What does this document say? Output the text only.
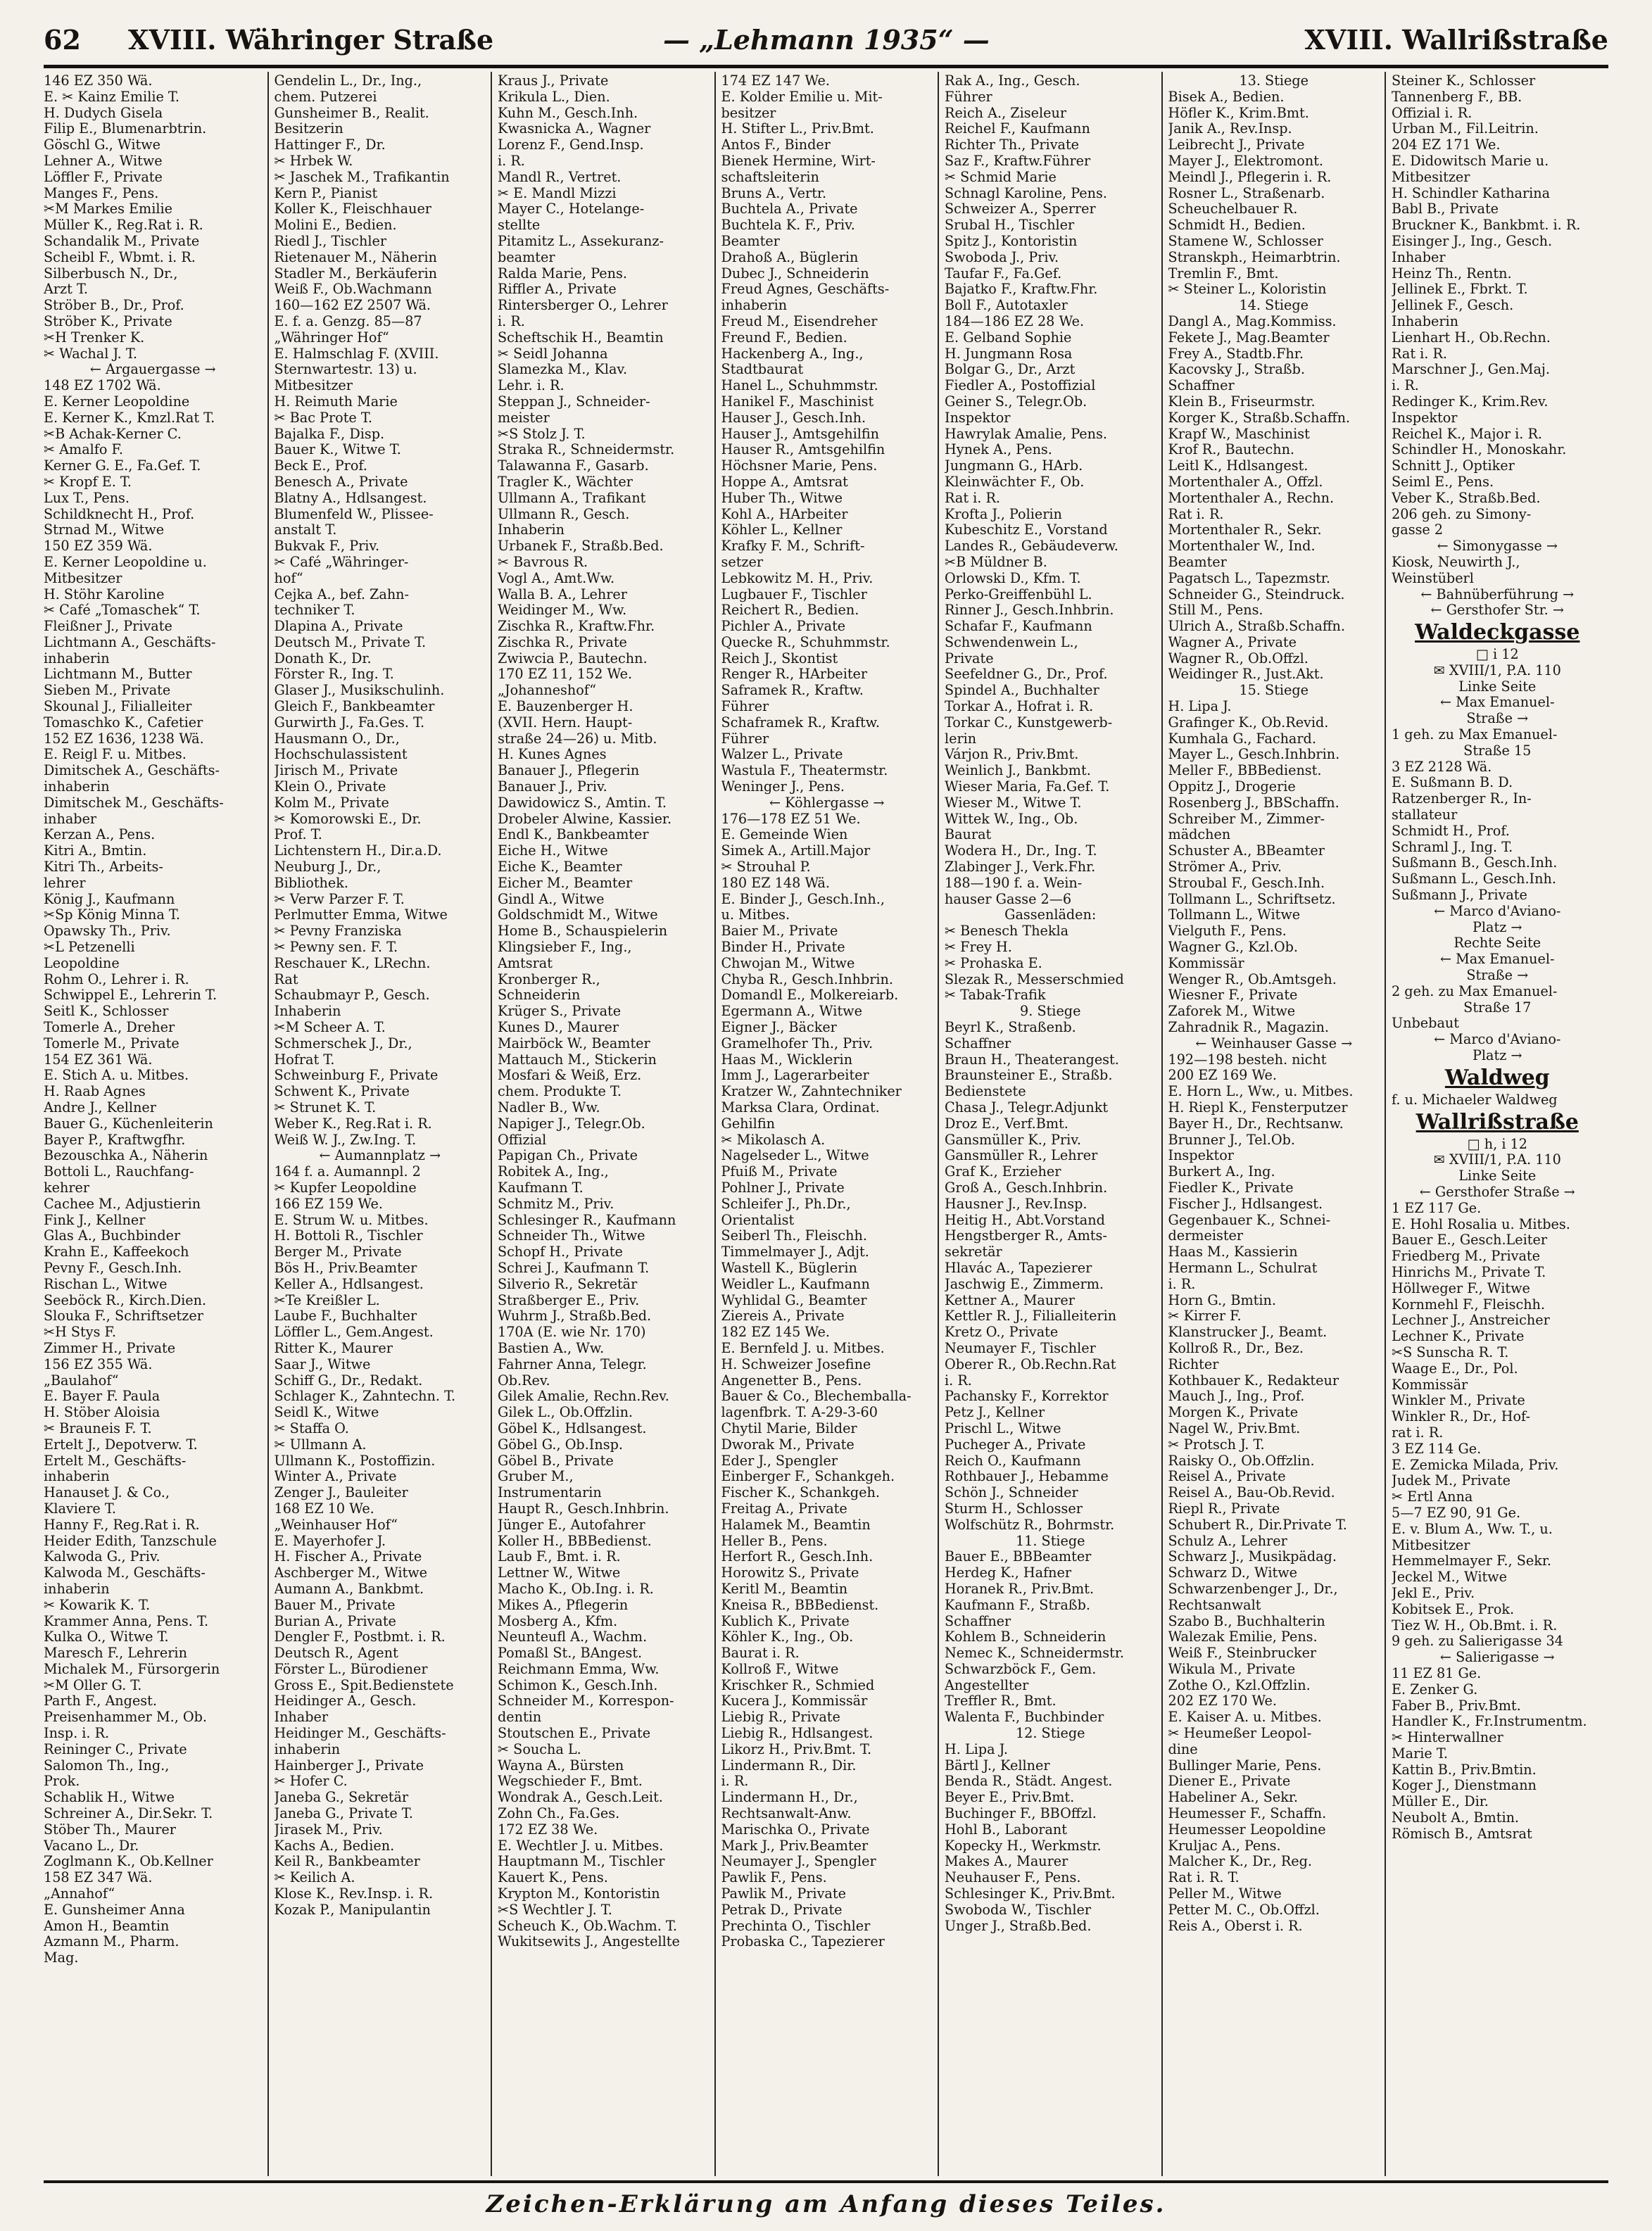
62 XVIII. Währinger Straße	— „Lehmann 1935“ —	XVIII. Wallrißstraße
146 EZ 350 Wä.
E. ✂ Kainz Emilie T.
H. Dudych Gisela
Filip E., Blumenarbtrin.
Göschl G., Witwe
Lehner A., Witwe
Löffler F., Private
Manges F., Pens.
✂M Markes Emilie
Müller K., Reg.Rat i. R.
Schandalik M., Private
Scheibl F., Wbmt. i. R.
Silberbusch N., Dr.,
Arzt T.
Ströber B., Dr., Prof.
Ströber K., Private
✂H Trenker K.
✂ Wachal J. T.
← Argauergasse →
148 EZ 1702 Wä.
E. Kerner Leopoldine
E. Kerner K., Kmzl.Rat T.
✂B Achak-Kerner C.
✂ Amalfo F.
Kerner G. E., Fa.Gef. T.
✂ Kropf E. T.
Lux T., Pens.
Schildknecht H., Prof.
Strnad M., Witwe
150 EZ 359 Wä.
E. Kerner Leopoldine u.
Mitbesitzer
H. Stöhr Karoline
✂ Café „Tomaschek“ T.
Fleißner J., Private
Lichtmann A., Geschäfts-
inhaberin
Lichtmann M., Butter
Sieben M., Private
Skounal J., Filialleiter
Tomaschko K., Cafetier
152 EZ 1636, 1238 Wä.
E. Reigl F. u. Mitbes.
Dimitschek A., Geschäfts-
inhaberin
Dimitschek M., Geschäfts-
inhaber
Kerzan A., Pens.
Kitri A., Bmtin.
Kitri Th., Arbeits-
lehrer
König J., Kaufmann
✂Sp König Minna T.
Opawsky Th., Priv.
✂L Petzenelli
Leopoldine
Rohm O., Lehrer i. R.
Schwippel E., Lehrerin T.
Seitl K., Schlosser
Tomerle A., Dreher
Tomerle M., Private
154 EZ 361 Wä.
E. Stich A. u. Mitbes.
H. Raab Agnes
Andre J., Kellner
Bauer G., Küchenleiterin
Bayer P., Kraftwgfhr.
Bezouschka A., Näherin
Bottoli L., Rauchfang-
kehrer
Cachee M., Adjustierin
Fink J., Kellner
Glas A., Buchbinder
Krahn E., Kaffeekoch
Pevny F., Gesch.Inh.
Rischan L., Witwe
Seeböck R., Kirch.Dien.
Slouka F., Schriftsetzer
✂H Stys F.
Zimmer H., Private
156 EZ 355 Wä.
„Baulahof“
E. Bayer F. Paula
H. Stöber Aloisia
✂ Brauneis F. T.
Ertelt J., Depotverw. T.
Ertelt M., Geschäfts-
inhaberin
Hanauset J. & Co.,
Klaviere T.
Hanny F., Reg.Rat i. R.
Heider Edith, Tanzschule
Kalwoda G., Priv.
Kalwoda M., Geschäfts-
inhaberin
✂ Kowarik K. T.
Krammer Anna, Pens. T.
Kulka O., Witwe T.
Maresch F., Lehrerin
Michalek M., Fürsorgerin
✂M Oller G. T.
Parth F., Angest.
Preisenhammer M., Ob.
Insp. i. R.
Reininger C., Private
Salomon Th., Ing.,
Prok.
Schablik H., Witwe
Schreiner A., Dir.Sekr. T.
Stöber Th., Maurer
Vacano L., Dr.
Zoglmann K., Ob.Kellner
158 EZ 347 Wä.
„Annahof“
E. Gunsheimer Anna
Amon H., Beamtin
Azmann M., Pharm.
Mag.
Gendelin L., Dr., Ing.,
chem. Putzerei
Gunsheimer B., Realit.
Besitzerin
Hattinger F., Dr.
✂ Hrbek W.
✂ Jaschek M., Trafikantin
Kern P., Pianist
Koller K., Fleischhauer
Molini E., Bedien.
Riedl J., Tischler
Rietenauer M., Näherin
Stadler M., Berkäuferin
Weiß F., Ob.Wachmann
160—162 EZ 2507 Wä.
E. f. a. Genzg. 85—87
„Währinger Hof“
E. Halmschlag F. (XVIII.
Sternwartestr. 13) u.
Mitbesitzer
H. Reimuth Marie
✂ Bac Prote T.
Bajalka F., Disp.
Bauer K., Witwe T.
Beck E., Prof.
Benesch A., Private
Blatny A., Hdlsangest.
Blumenfeld W., Plissee-
anstalt T.
Bukvak F., Priv.
✂ Café „Währinger-
hof“
Cejka A., bef. Zahn-
techniker T.
Dlapina A., Private
Deutsch M., Private T.
Donath K., Dr.
Förster R., Ing. T.
Glaser J., Musikschulinh.
Gleich F., Bankbeamter
Gurwirth J., Fa.Ges. T.
Hausmann O., Dr.,
Hochschulassistent
Jirisch M., Private
Klein O., Private
Kolm M., Private
✂ Komorowski E., Dr.
Prof. T.
Lichtenstern H., Dir.a.D.
Neuburg J., Dr.,
Bibliothek.
✂ Verw Parzer F. T.
Perlmutter Emma, Witwe
✂ Pevny Franziska
✂ Pewny sen. F. T.
Reschauer K., LRechn.
Rat
Schaubmayr P., Gesch.
Inhaberin
✂M Scheer A. T.
Schmerschek J., Dr.,
Hofrat T.
Schweinburg F., Private
Schwent K., Private
✂ Strunet K. T.
Weber K., Reg.Rat i. R.
Weiß W. J., Zw.Ing. T.
← Aumannplatz →
164 f. a. Aumannpl. 2
✂ Kupfer Leopoldine
166 EZ 159 We.
E. Strum W. u. Mitbes.
H. Bottoli R., Tischler
Berger M., Private
Bös H., Priv.Beamter
Keller A., Hdlsangest.
✂Te Kreißler L.
Laube F., Buchhalter
Löffler L., Gem.Angest.
Ritter K., Maurer
Saar J., Witwe
Schiff G., Dr., Redakt.
Schlager K., Zahntechn. T.
Seidl K., Witwe
✂ Staffa O.
✂ Ullmann A.
Ullmann K., Postoffizin.
Winter A., Private
Zenger J., Bauleiter
168 EZ 10 We.
„Weinhauser Hof“
E. Mayerhofer J.
H. Fischer A., Private
Aschberger M., Witwe
Aumann A., Bankbmt.
Bauer M., Private
Burian A., Private
Dengler F., Postbmt. i. R.
Deutsch R., Agent
Förster L., Bürodiener
Gross E., Spit.Bedienstete
Heidinger A., Gesch.
Inhaber
Heidinger M., Geschäfts-
inhaberin
Hainberger J., Private
✂ Hofer C.
Janeba G., Sekretär
Janeba G., Private T.
Jirasek M., Priv.
Kachs A., Bedien.
Keil R., Bankbeamter
✂ Keilich A.
Klose K., Rev.Insp. i. R.
Kozak P., Manipulantin
Kraus J., Private
Krikula L., Dien.
Kuhn M., Gesch.Inh.
Kwasnicka A., Wagner
Lorenz F., Gend.Insp.
i. R.
Mandl R., Vertret.
✂ E. Mandl Mizzi
Mayer C., Hotelange-
stellte
Pitamitz L., Assekuranz-
beamter
Ralda Marie, Pens.
Riffler A., Private
Rintersberger O., Lehrer
i. R.
Scheftschik H., Beamtin
✂ Seidl Johanna
Slamezka M., Klav.
Lehr. i. R.
Steppan J., Schneider-
meister
✂S Stolz J. T.
Straka R., Schneidermstr.
Talawanna F., Gasarb.
Tragler K., Wächter
Ullmann A., Trafikant
Ullmann R., Gesch.
Inhaberin
Urbanek F., Straßb.Bed.
✂ Bavrous R.
Vogl A., Amt.Ww.
Walla B. A., Lehrer
Weidinger M., Ww.
Zischka R., Kraftw.Fhr.
Zischka R., Private
Zwiwcia P., Bautechn.
170 EZ 11, 152 We.
„Johanneshof“
E. Bauzenberger H.
(XVII. Hern. Haupt-
straße 24—26) u. Mitb.
H. Kunes Agnes
Banauer J., Pflegerin
Banauer J., Priv.
Dawidowicz S., Amtin. T.
Drobeler Alwine, Kassier.
Endl K., Bankbeamter
Eiche H., Witwe
Eiche K., Beamter
Eicher M., Beamter
Gindl A., Witwe
Goldschmidt M., Witwe
Home B., Schauspielerin
Klingsieber F., Ing.,
Amtsrat
Kronberger R.,
Schneiderin
Krüger S., Private
Kunes D., Maurer
Mairböck W., Beamter
Mattauch M., Stickerin
Mosfari & Weiß, Erz.
chem. Produkte T.
Nadler B., Ww.
Napiger J., Telegr.Ob.
Offizial
Papigan Ch., Private
Robitek A., Ing.,
Kaufmann T.
Schmitz M., Priv.
Schlesinger R., Kaufmann
Schneider Th., Witwe
Schopf H., Private
Schrei J., Kaufmann T.
Silverio R., Sekretär
Straßberger E., Priv.
Wuhrm J., Straßb.Bed.
170A (E. wie Nr. 170)
Bastien A., Ww.
Fahrner Anna, Telegr.
Ob.Rev.
Gilek Amalie, Rechn.Rev.
Gilek L., Ob.Offzlin.
Göbel K., Hdlsangest.
Göbel G., Ob.Insp.
Göbel B., Private
Gruber M.,
Instrumentarin
Haupt R., Gesch.Inhbrin.
Jünger E., Autofahrer
Koller H., BBBedienst.
Laub F., Bmt. i. R.
Lettner W., Witwe
Macho K., Ob.Ing. i. R.
Mikes A., Pflegerin
Mosberg A., Kfm.
Neunteufl A., Wachm.
Pomaßl St., BAngest.
Reichmann Emma, Ww.
Schimon K., Gesch.Inh.
Schneider M., Korrespon-
dentin
Stoutschen E., Private
✂ Soucha L.
Wayna A., Bürsten
Wegschieder F., Bmt.
Wondrak A., Gesch.Leit.
Zohn Ch., Fa.Ges.
172 EZ 38 We.
E. Wechtler J. u. Mitbes.
Hauptmann M., Tischler
Kauert K., Pens.
Krypton M., Kontoristin
✂S Wechtler J. T.
Scheuch K., Ob.Wachm. T.
Wukitsewits J., Angestellte
174 EZ 147 We.
E. Kolder Emilie u. Mit-
besitzer
H. Stifter L., Priv.Bmt.
Antos F., Binder
Bienek Hermine, Wirt-
schaftsleiterin
Bruns A., Vertr.
Buchtela A., Private
Buchtela K. F., Priv.
Beamter
Drahoß A., Büglerin
Dubec J., Schneiderin
Freud Agnes, Geschäfts-
inhaberin
Freud M., Eisendreher
Freund F., Bedien.
Hackenberg A., Ing.,
Stadtbaurat
Hanel L., Schuhmmstr.
Hanikel F., Maschinist
Hauser J., Gesch.Inh.
Hauser J., Amtsgehilfin
Hauser R., Amtsgehilfin
Höchsner Marie, Pens.
Hoppe A., Amtsrat
Huber Th., Witwe
Kohl A., HArbeiter
Köhler L., Kellner
Krafky F. M., Schrift-
setzer
Lebkowitz M. H., Priv.
Lugbauer F., Tischler
Reichert R., Bedien.
Pichler A., Private
Quecke R., Schuhmmstr.
Reich J., Skontist
Renger R., HArbeiter
Saframek R., Kraftw.
Führer
Schaframek R., Kraftw.
Führer
Walzer L., Private
Wastula F., Theatermstr.
Weninger J., Pens.
← Köhlergasse →
176—178 EZ 51 We.
E. Gemeinde Wien
Simek A., Artill.Major
✂ Strouhal P.
180 EZ 148 Wä.
E. Binder J., Gesch.Inh.,
u. Mitbes.
Baier M., Private
Binder H., Private
Chwojan M., Witwe
Chyba R., Gesch.Inhbrin.
Domandl E., Molkereiarb.
Egermann A., Witwe
Eigner J., Bäcker
Gramelhofer Th., Priv.
Haas M., Wicklerin
Imm J., Lagerarbeiter
Kratzer W., Zahntechniker
Marksa Clara, Ordinat.
Gehilfin
✂ Mikolasch A.
Nagelseder L., Witwe
Pfuiß M., Private
Pohlner J., Private
Schleifer J., Ph.Dr.,
Orientalist
Seiberl Th., Fleischh.
Timmelmayer J., Adjt.
Wastell K., Büglerin
Weidler L., Kaufmann
Wyhlidal G., Beamter
Ziereis A., Private
182 EZ 145 We.
E. Bernfeld J. u. Mitbes.
H. Schweizer Josefine
Angenetter B., Pens.
Bauer & Co., Blechemballa-
lagenfbrk. T. A-29-3-60
Chytil Marie, Bilder
Dworak M., Private
Eder J., Spengler
Einberger F., Schankgeh.
Fischer K., Schankgeh.
Freitag A., Private
Halamek M., Beamtin
Heller B., Pens.
Herfort R., Gesch.Inh.
Horowitz S., Private
Keritl M., Beamtin
Kneisa R., BBBedienst.
Kublich K., Private
Köhler K., Ing., Ob.
Baurat i. R.
Kollroß F., Witwe
Krischker R., Schmied
Kucera J., Kommissär
Liebig R., Private
Liebig R., Hdlsangest.
Likorz H., Priv.Bmt. T.
Lindermann R., Dir.
i. R.
Lindermann H., Dr.,
Rechtsanwalt-Anw.
Marischka O., Private
Mark J., Priv.Beamter
Neumayer J., Spengler
Pawlik F., Pens.
Pawlik M., Private
Petrak D., Private
Prechinta O., Tischler
Probaska C., Tapezierer
Rak A., Ing., Gesch.
Führer
Reich A., Ziseleur
Reichel F., Kaufmann
Richter Th., Private
Saz F., Kraftw.Führer
✂ Schmid Marie
Schnagl Karoline, Pens.
Schweizer A., Sperrer
Srubal H., Tischler
Spitz J., Kontoristin
Swoboda J., Priv.
Taufar F., Fa.Gef.
Bajatko F., Kraftw.Fhr.
Boll F., Autotaxler
184—186 EZ 28 We.
E. Gelband Sophie
H. Jungmann Rosa
Bolgar G., Dr., Arzt
Fiedler A., Postoffizial
Geiner S., Telegr.Ob.
Inspektor
Hawrylak Amalie, Pens.
Hynek A., Pens.
Jungmann G., HArb.
Kleinwächter F., Ob.
Rat i. R.
Krofta J., Polierin
Kubeschitz E., Vorstand
Landes R., Gebäudeverw.
✂B Müldner B.
Orlowski D., Kfm. T.
Perko-Greiffenbühl L.
Rinner J., Gesch.Inhbrin.
Schafar F., Kaufmann
Schwendenwein L.,
Private
Seefeldner G., Dr., Prof.
Spindel A., Buchhalter
Torkar A., Hofrat i. R.
Torkar C., Kunstgewerb-
lerin
Várjon R., Priv.Bmt.
Weinlich J., Bankbmt.
Wieser Maria, Fa.Gef. T.
Wieser M., Witwe T.
Wittek W., Ing., Ob.
Baurat
Wodera H., Dr., Ing. T.
Zlabinger J., Verk.Fhr.
188—190 f. a. Wein-
hauser Gasse 2—6
Gassenläden:
✂ Benesch Thekla
✂ Frey H.
✂ Prohaska E.
Slezak R., Messerschmied
✂ Tabak-Trafik
9. Stiege
Beyrl K., Straßenb.
Schaffner
Braun H., Theaterangest.
Braunsteiner E., Straßb.
Bedienstete
Chasa J., Telegr.Adjunkt
Droz E., Verf.Bmt.
Gansmüller K., Priv.
Gansmüller R., Lehrer
Graf K., Erzieher
Groß A., Gesch.Inhbrin.
Hausner J., Rev.Insp.
Heitig H., Abt.Vorstand
Hengstberger R., Amts-
sekretär
Hlavác A., Tapezierer
Jaschwig E., Zimmerm.
Kettner A., Maurer
Kettler R. J., Filialleiterin
Kretz O., Private
Neumayer F., Tischler
Oberer R., Ob.Rechn.Rat
i. R.
Pachansky F., Korrektor
Petz J., Kellner
Prischl L., Witwe
Pucheger A., Private
Reich O., Kaufmann
Rothbauer J., Hebamme
Schön J., Schneider
Sturm H., Schlosser
Wolfschütz R., Bohrmstr.
11. Stiege
Bauer E., BBBeamter
Herdeg K., Hafner
Horanek R., Priv.Bmt.
Kaufmann F., Straßb.
Schaffner
Kohlem B., Schneiderin
Nemec K., Schneidermstr.
Schwarzböck F., Gem.
Angestellter
Treffler R., Bmt.
Walenta F., Buchbinder
12. Stiege
H. Lipa J.
Bärtl J., Kellner
Benda R., Städt. Angest.
Beyer E., Priv.Bmt.
Buchinger F., BBOffzl.
Hohl B., Laborant
Kopecky H., Werkmstr.
Makes A., Maurer
Neuhauser F., Pens.
Schlesinger K., Priv.Bmt.
Swoboda W., Tischler
Unger J., Straßb.Bed.
13. Stiege
Bisek A., Bedien.
Höfler K., Krim.Bmt.
Janik A., Rev.Insp.
Leibrecht J., Private
Mayer J., Elektromont.
Meindl J., Pflegerin i. R.
Rosner L., Straßenarb.
Scheuchelbauer R.
Schmidt H., Bedien.
Stamene W., Schlosser
Stranskph., Heimarbtrin.
Tremlin F., Bmt.
✂ Steiner L., Koloristin
14. Stiege
Dangl A., Mag.Kommiss.
Fekete J., Mag.Beamter
Frey A., Stadtb.Fhr.
Kacovsky J., Straßb.
Schaffner
Klein B., Friseurmstr.
Korger K., Straßb.Schaffn.
Krapf W., Maschinist
Krof R., Bautechn.
Leitl K., Hdlsangest.
Mortenthaler A., Offzl.
Mortenthaler A., Rechn.
Rat i. R.
Mortenthaler R., Sekr.
Mortenthaler W., Ind.
Beamter
Pagatsch L., Tapezmstr.
Schneider G., Steindruck.
Still M., Pens.
Ulrich A., Straßb.Schaffn.
Wagner A., Private
Wagner R., Ob.Offzl.
Weidinger R., Just.Akt.
15. Stiege
H. Lipa J.
Grafinger K., Ob.Revid.
Kumhala G., Fachard.
Mayer L., Gesch.Inhbrin.
Meller F., BBBedienst.
Oppitz J., Drogerie
Rosenberg J., BBSchaffn.
Schreiber M., Zimmer-
mädchen
Schuster A., BBeamter
Strömer A., Priv.
Stroubal F., Gesch.Inh.
Tollmann L., Schriftsetz.
Tollmann L., Witwe
Vielguth F., Pens.
Wagner G., Kzl.Ob.
Kommissär
Wenger R., Ob.Amtsgeh.
Wiesner F., Private
Zaforek M., Witwe
Zahradnik R., Magazin.
← Weinhauser Gasse →
192—198 besteh. nicht
200 EZ 169 We.
E. Horn L., Ww., u. Mitbes.
H. Riepl K., Fensterputzer
Bayer H., Dr., Rechtsanw.
Brunner J., Tel.Ob.
Inspektor
Burkert A., Ing.
Fiedler K., Private
Fischer J., Hdlsangest.
Gegenbauer K., Schnei-
dermeister
Haas M., Kassierin
Hermann L., Schulrat
i. R.
Horn G., Bmtin.
✂ Kirrer F.
Klanstrucker J., Beamt.
Kollroß R., Dr., Bez.
Richter
Kothbauer K., Redakteur
Mauch J., Ing., Prof.
Morgen K., Private
Nagel W., Priv.Bmt.
✂ Protsch J. T.
Raisky O., Ob.Offzlin.
Reisel A., Private
Reisel A., Bau-Ob.Revid.
Riepl R., Private
Schubert R., Dir.Private T.
Schulz A., Lehrer
Schwarz J., Musikpädag.
Schwarz D., Witwe
Schwarzenbenger J., Dr.,
Rechtsanwalt
Szabo B., Buchhalterin
Walezak Emilie, Pens.
Weiß F., Steinbrucker
Wikula M., Private
Zothe O., Kzl.Offzlin.
202 EZ 170 We.
E. Kaiser A. u. Mitbes.
✂ Heumeßer Leopol-
dine
Bullinger Marie, Pens.
Diener E., Private
Habeliner A., Sekr.
Heumesser F., Schaffn.
Heumesser Leopoldine
Kruljac A., Pens.
Malcher K., Dr., Reg.
Rat i. R. T.
Peller M., Witwe
Petter M. C., Ob.Offzl.
Reis A., Oberst i. R.
Steiner K., Schlosser
Tannenberg F., BB.
Offizial i. R.
Urban M., Fil.Leitrin.
204 EZ 171 We.
E. Didowitsch Marie u.
Mitbesitzer
H. Schindler Katharina
Babl B., Private
Bruckner K., Bankbmt. i. R.
Eisinger J., Ing., Gesch.
Inhaber
Heinz Th., Rentn.
Jellinek E., Fbrkt. T.
Jellinek F., Gesch.
Inhaberin
Lienhart H., Ob.Rechn.
Rat i. R.
Marschner J., Gen.Maj.
i. R.
Redinger K., Krim.Rev.
Inspektor
Reichel K., Major i. R.
Schindler H., Monoskahr.
Schnitt J., Optiker
Seiml E., Pens.
Veber K., Straßb.Bed.
206 geh. zu Simony-
gasse 2
← Simonygasse →
Kiosk, Neuwirth J.,
Weinstüberl
← Bahnüberführung →
← Gersthofer Str. →
Waldeckgasse
□ i 12
✉ XVIII/1, P.A. 110
Linke Seite
← Max Emanuel-
Straße →
1 geh. zu Max Emanuel-
Straße 15
3 EZ 2128 Wä.
E. Sußmann B. D.
Ratzenberger R., In-
stallateur
Schmidt H., Prof.
Schraml J., Ing. T.
Sußmann B., Gesch.Inh.
Sußmann L., Gesch.Inh.
Sußmann J., Private
← Marco d'Aviano-
Platz →
Rechte Seite
← Max Emanuel-
Straße →
2 geh. zu Max Emanuel-
Straße 17
Unbebaut
← Marco d'Aviano-
Platz →
Waldweg
f. u. Michaeler Waldweg
Wallrißstraße
□ h, i 12
✉ XVIII/1, P.A. 110
Linke Seite
← Gersthofer Straße →
1 EZ 117 Ge.
E. Hohl Rosalia u. Mitbes.
Bauer E., Gesch.Leiter
Friedberg M., Private
Hinrichs M., Private T.
Höllweger F., Witwe
Kornmehl F., Fleischh.
Lechner J., Anstreicher
Lechner K., Private
✂S Sunscha R. T.
Waage E., Dr., Pol.
Kommissär
Winkler M., Private
Winkler R., Dr., Hof-
rat i. R.
3 EZ 114 Ge.
E. Zemicka Milada, Priv.
Judek M., Private
✂ Ertl Anna
5—7 EZ 90, 91 Ge.
E. v. Blum A., Ww. T., u.
Mitbesitzer
Hemmelmayer F., Sekr.
Jeckel M., Witwe
Jekl E., Priv.
Kobitsek E., Prok.
Tiez W. H., Ob.Bmt. i. R.
9 geh. zu Salierigasse 34
← Salierigasse →
11 EZ 81 Ge.
E. Zenker G.
Faber B., Priv.Bmt.
Handler K., Fr.Instrumentm.
✂ Hinterwallner
Marie T.
Kattin B., Priv.Bmtin.
Koger J., Dienstmann
Müller E., Dir.
Neubolt A., Bmtin.
Römisch B., Amtsrat
Zeichen-Erklärung am Anfang dieses Teiles.
